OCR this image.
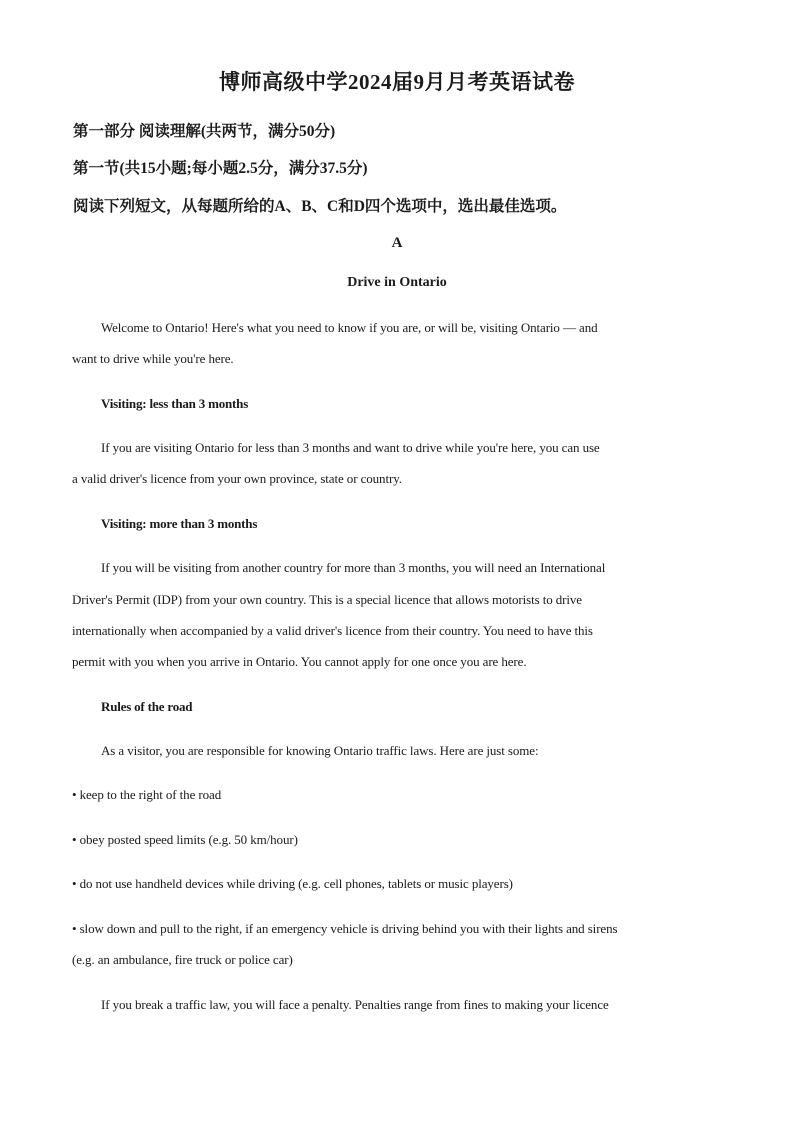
博师高级中学2024届9月月考英语试卷
第一部分 阅读理解(共两节，满分50分)
第一节(共15小题;每小题2.5分，满分37.5分)
阅读下列短文，从每题所给的A、B、C和D四个选项中，选出最佳选项。
A
Drive in Ontario
Welcome to Ontario! Here's what you need to know if you are, or will be, visiting Ontario — and
want to drive while you're here.
Visiting: less than 3 months
If you are visiting Ontario for less than 3 months and want to drive while you're here, you can use
a valid driver's licence from your own province, state or country.
Visiting: more than 3 months
If you will be visiting from another country for more than 3 months, you will need an International
Driver's Permit (IDP) from your own country. This is a special licence that allows motorists to drive
internationally when accompanied by a valid driver's licence from their country. You need to have this
permit with you when you arrive in Ontario. You cannot apply for one once you are here.
Rules of the road
As a visitor, you are responsible for knowing Ontario traffic laws. Here are just some:
• keep to the right of the road
• obey posted speed limits (e.g. 50 km/hour)
• do not use handheld devices while driving (e.g. cell phones, tablets or music players)
• slow down and pull to the right, if an emergency vehicle is driving behind you with their lights and sirens
(e.g. an ambulance, fire truck or police car)
If you break a traffic law, you will face a penalty. Penalties range from fines to making your licence
